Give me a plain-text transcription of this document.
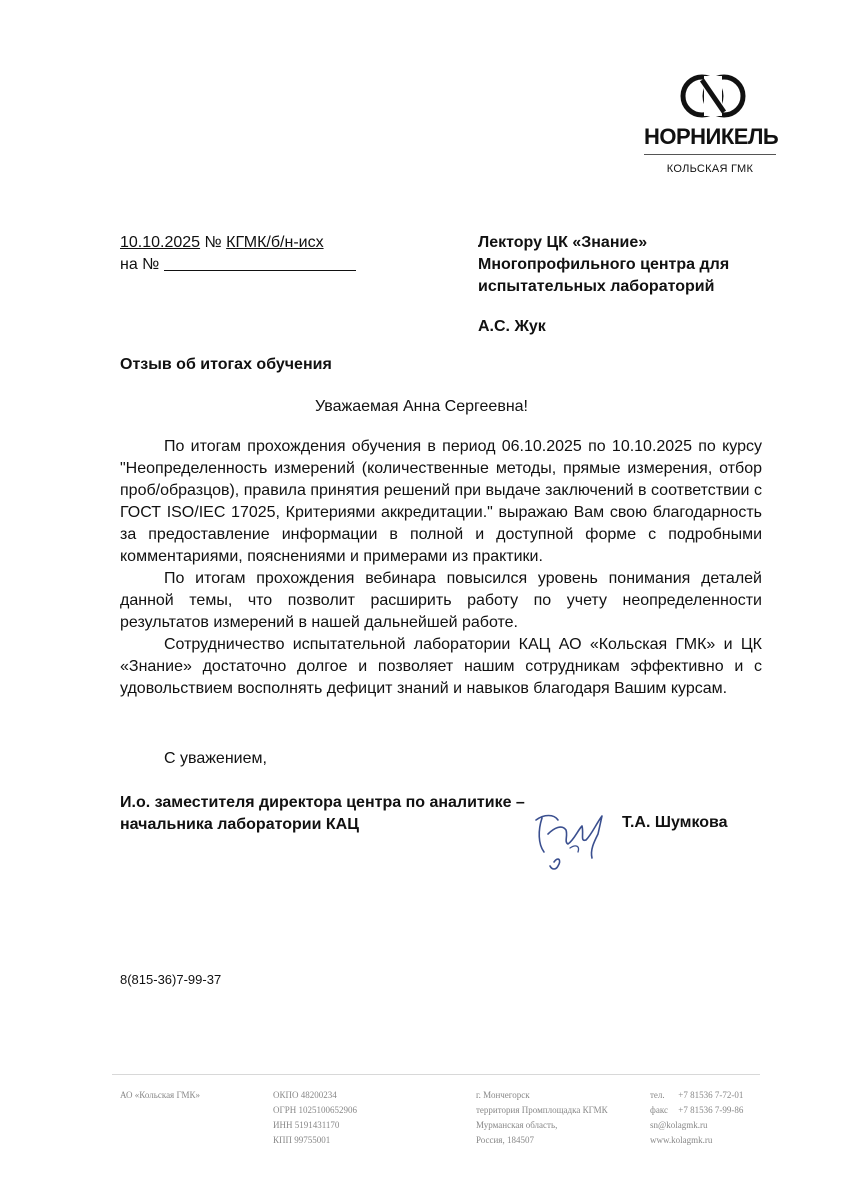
НОРНИКЕЛЬ
КОЛЬСКАЯ ГМК
10.10.2025 № КГМК/б/н-исх
на №
Лектору ЦК «Знание»
Многопрофильного центра для
испытательных лабораторий
А.С. Жук
Отзыв об итогах обучения
Уважаемая Анна Сергеевна!

По итогам прохождения обучения в период 06.10.2025 по 10.10.2025 по курсу "Неопределенность измерений (количественные методы, прямые измерения, отбор проб/образцов), правила принятия решений при выдаче заключений в соответствии с ГОСТ ISO/IEC 17025, Критериями аккредитации." выражаю Вам свою благодарность за предоставление информации в полной и доступной форме с подробными комментариями, пояснениями и примерами из практики.

По итогам прохождения вебинара повысился уровень понимания деталей данной темы, что позволит расширить работу по учету неопределенности результатов измерений в нашей дальнейшей работе.

Сотрудничество испытательной лаборатории КАЦ АО «Кольская ГМК» и ЦК «Знание» достаточно долгое и позволяет нашим сотрудникам эффективно и с удовольствием восполнять дефицит знаний и навыков благодаря Вашим курсам.

С уважением,
И.о. заместителя директора центра по аналитике –
начальника лаборатории КАЦ	Т.А. Шумкова
8(815-36)7-99-37
АО «Кольская ГМК»	ОКПО 48200234
ОГРН 1025100652906
ИНН 5191431170
КПП 99755001
г. Мончегорск
территория Промплощадка КГМК
Мурманская область,
Россия, 184507
тел. +7 81536 7-72-01
факс +7 81536 7-99-86
sn@kolagmk.ru
www.kolagmk.ru
